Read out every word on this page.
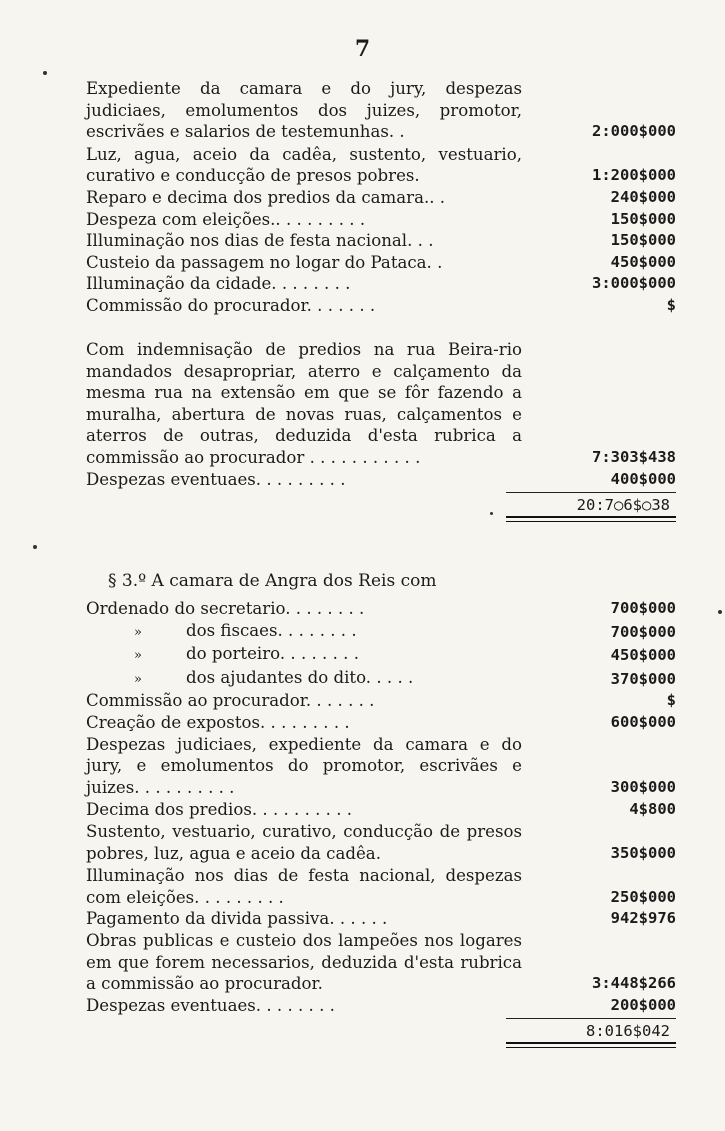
7
Expediente da camara e do jury, despezas judiciaes, emolumentos dos juizes, promotor, escrivães e salarios de testemunhas. .	2:000$000
Luz, agua, aceio da cadêa, sustento, vestuario, curativo e conducção de presos pobres.	1:200$000
Reparo e decima dos predios da camara.. .	240$000
Despeza com eleições.. . . . . . . . .	150$000
Illuminação nos dias de festa nacional. . .	150$000
Custeio da passagem no logar do Pataca. .	450$000
Illuminação da cidade. . . . . . . .	3:000$000
Commissão do procurador. . . . . . .	$
Com indemnisação de predios na rua Beira-rio mandados desapropriar, aterro e calçamento da mesma rua na extensão em que se fôr fazendo a muralha, abertura de novas ruas, calçamentos e aterros de outras, deduzida d'esta rubrica a commissão ao procurador . . . . . . . . . . .	7:303$438
Despezas eventuaes. . . . . . . . .	400$000
20:7○6$○38
§ 3.º A camara de Angra dos Reis com
Ordenado do secretario. . . . . . . .	700$000
»	dos fiscaes. . . . . . . .	700$000
»	do porteiro. . . . . . . .	450$000
»	dos ajudantes do dito. . . . .	370$000
Commissão ao procurador. . . . . . .	$
Creação de expostos. . . . . . . . .	600$000
Despezas judiciaes, expediente da camara e do jury, e emolumentos do promotor, escrivães e juizes. . . . . . . . . .	300$000
Decima dos predios. . . . . . . . . .	4$800
Sustento, vestuario, curativo, conducção de presos pobres, luz, agua e aceio da cadêa.	350$000
Illuminação nos dias de festa nacional, despezas com eleições. . . . . . . . .	250$000
Pagamento da divida passiva. . . . . .	942$976
Obras publicas e custeio dos lampeões nos logares em que forem necessarios, deduzida d'esta rubrica a commissão ao procurador.	3:448$266
Despezas eventuaes. . . . . . . .	200$000
8:016$042
